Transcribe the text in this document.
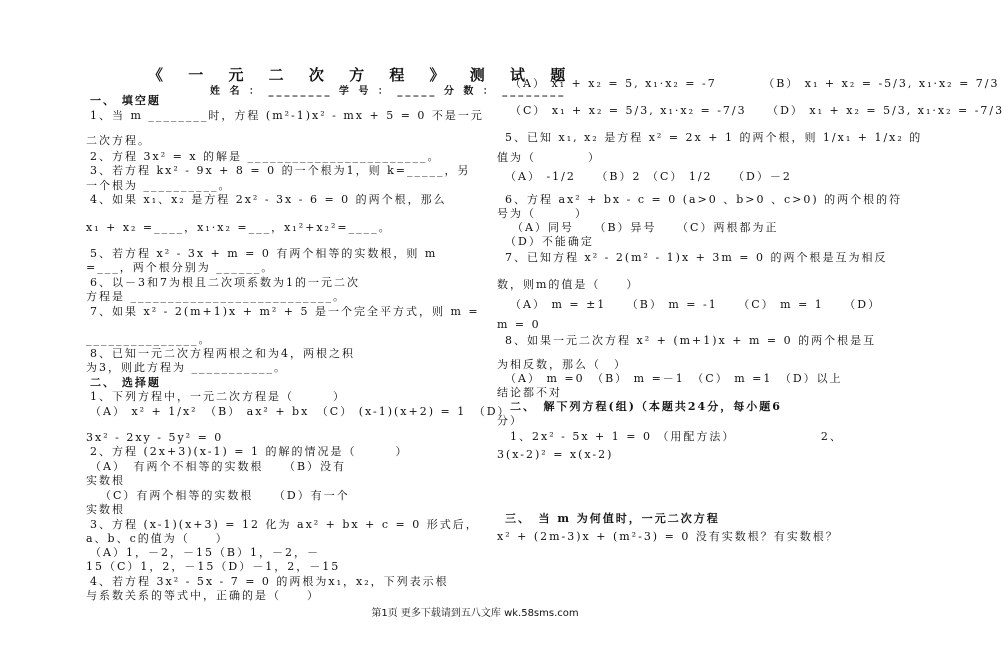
《 一 元 二 次 方 程 》 测 试 题
姓 名 ： ________ 学 号 ： _____ 分 数 ： ________
一、 填空题
1、当 m ________时，方程 (m²-1)x² - mx + 5 = 0 不是一元
二次方程。
2、方程 3x² = x 的解是 ________________________。
3、若方程 kx² - 9x + 8 = 0 的一个根为1，则 k=_____，另
一个根为 __________。
4、如果 x₁、x₂ 是方程 2x² - 3x - 6 = 0 的两个根，那么
x₁ + x₂ =____，x₁·x₂ =___，x₁²+x₂²=____。
5、若方程 x² - 3x + m = 0 有两个相等的实数根，则 m
=___，两个根分别为 ______。
6、以－3和7为根且二次项系数为1的一元二次
方程是 ___________________________。
7、如果 x² - 2(m+1)x + m² + 5 是一个完全平方式，则 m =
_______________。
8、已知一元二次方程两根之和为4，两根之积
为3，则此方程为 ___________。
二、 选择题
1、下列方程中，一元二次方程是（　　　）
（A） x² + 1/x²　（B） ax² + bx　（C） (x-1)(x+2) = 1　（D）
3x² - 2xy - 5y² = 0
2、方程 (2x+3)(x-1) = 1 的解的情况是（　　　）
（A）　有两个不相等的实数根　　（B）没有
实数根
（C）有两个相等的实数根　　（D）有一个
实数根
3、方程 (x-1)(x+3) = 12 化为 ax² + bx + c = 0 形式后，
a、b、c的值为（　　）
（A）1，－2，－15（B）1，－2，－
15（C）1，2，－15（D）－1，2，－15
4、若方程 3x² - 5x - 7 = 0 的两根为x₁，x₂，下列表示根
与系数关系的等式中，正确的是（　　）
（A） x₁ + x₂ = 5, x₁·x₂ = -7　　　　（B） x₁ + x₂ = -5/3, x₁·x₂ = 7/3
（C） x₁ + x₂ = 5/3, x₁·x₂ = -7/3　　（D） x₁ + x₂ = 5/3, x₁·x₂ = -7/3
5、已知 x₁, x₂ 是方程 x² = 2x + 1 的两个根，则 1/x₁ + 1/x₂ 的
值为（　　　　）
（A） -1/2　　（B）2 （C） 1/2　　（D）－2
6、方程 ax² + bx - c = 0 (a>0 、b>0 、c>0) 的两个根的符
号为（　　　）
（A）同号　　（B）异号　　（C）两根都为正
（D）不能确定
7、已知方程 x² - 2(m² - 1)x + 3m = 0 的两个根是互为相反
数，则m的值是（　　）
（A） m = ±1　　（B） m = -1　　（C） m = 1　　（D）
m = 0
8、如果一元二次方程 x² + (m+1)x + m = 0 的两个根是互
为相反数，那么（　）
（A） m =0　（B） m =－1　（C） m =1　（D）以上
结论都不对
二、　解下列方程(组)（本题共24分，每小题6
分）
1、2x² - 5x + 1 = 0 （用配方法）　　　　　　　2、
3(x-2)² = x(x-2)
三、　当 m 为何值时，一元二次方程
x² + (2m-3)x + (m²-3) = 0 没有实数根？有实数根？
第1页 更多下载请到五八文库 wk.58sms.com
